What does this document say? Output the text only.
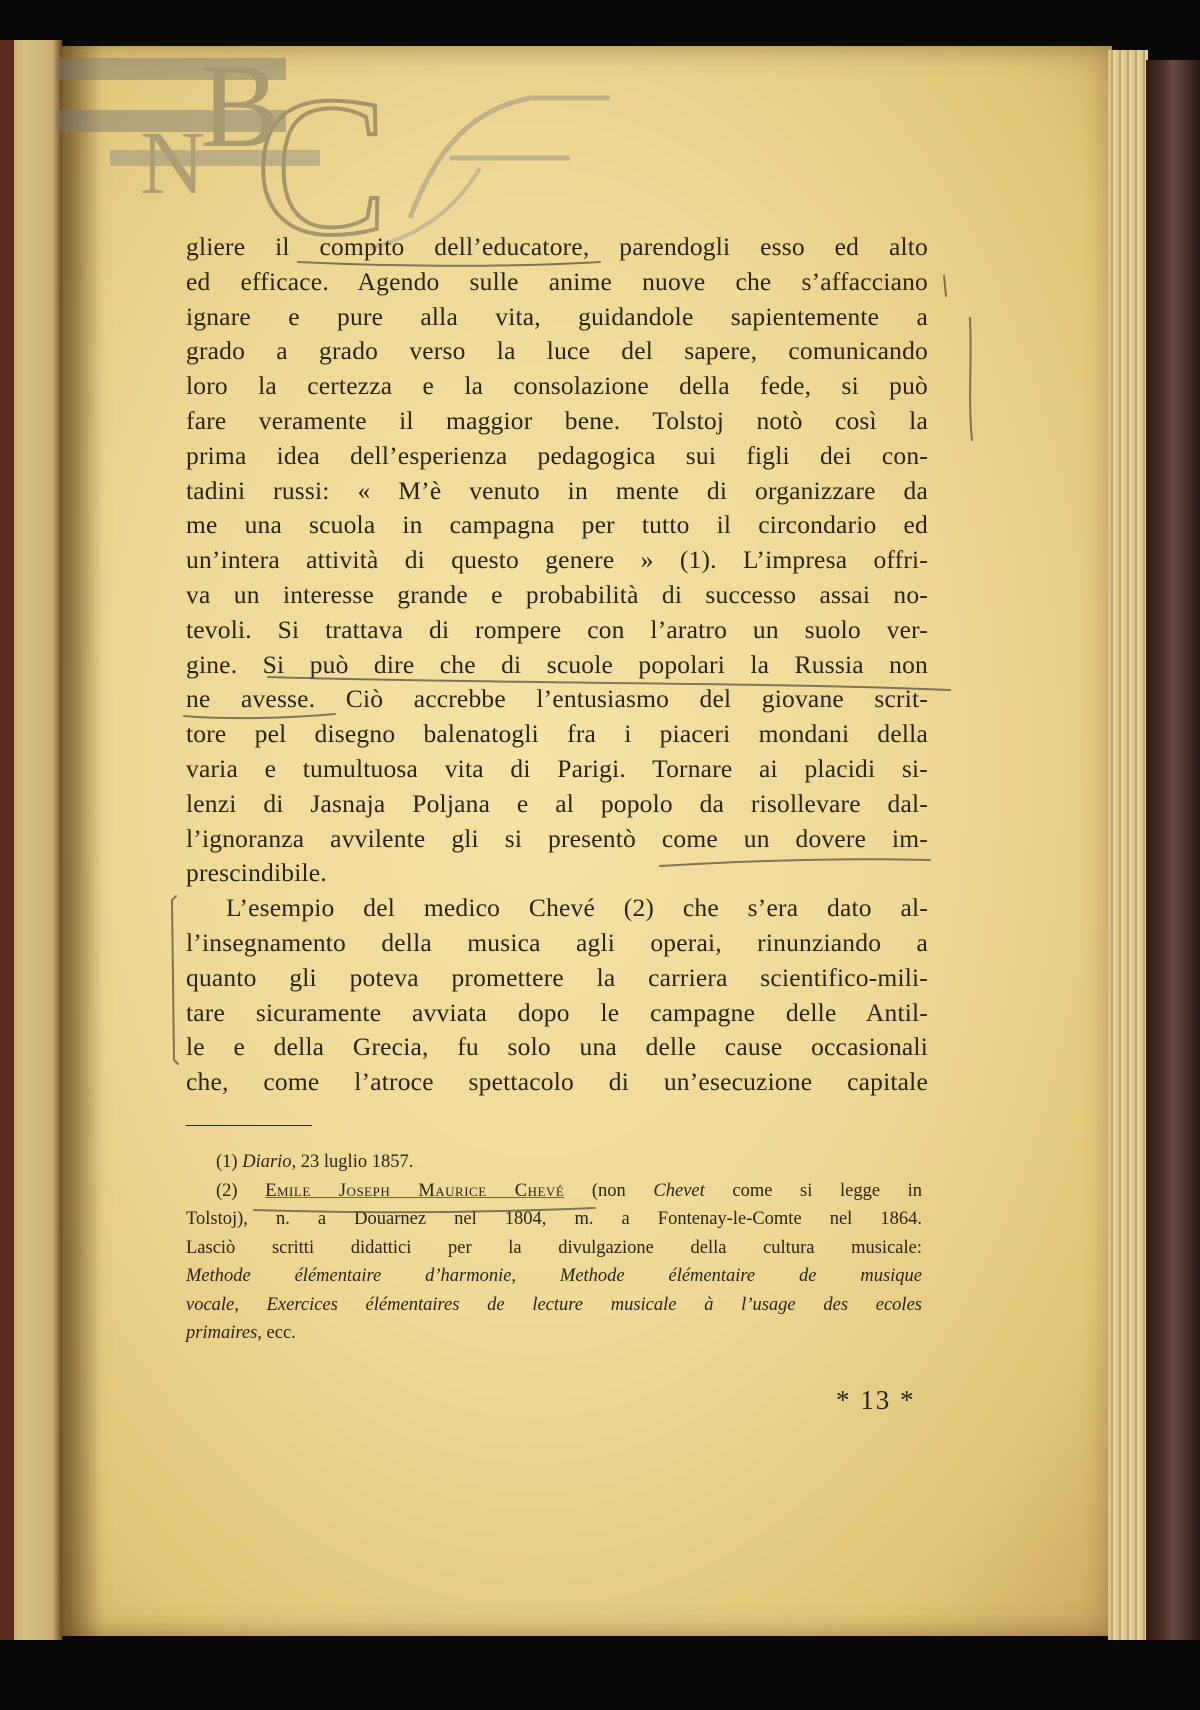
B
N C
gliere il compito dell’educatore, parendogli esso ed alto
ed efficace. Agendo sulle anime nuove che s’affacciano
ignare e pure alla vita, guidandole sapientemente a
grado a grado verso la luce del sapere, comunicando
loro la certezza e la consolazione della fede, si può
fare veramente il maggior bene. Tolstoj notò così la
prima idea dell’esperienza pedagogica sui figli dei con-
tadini russi: « M’è venuto in mente di organizzare da
me una scuola in campagna per tutto il circondario ed
un’intera attività di questo genere » (1). L’impresa offri-
va un interesse grande e probabilità di successo assai no-
tevoli. Si trattava di rompere con l’aratro un suolo ver-
gine. Si può dire che di scuole popolari la Russia non
ne avesse. Ciò accrebbe l’entusiasmo del giovane scrit-
tore pel disegno balenatogli fra i piaceri mondani della
varia e tumultuosa vita di Parigi. Tornare ai placidi si-
lenzi di Jasnaja Poljana e al popolo da risollevare dal-
l’ignoranza avvilente gli si presentò come un dovere im-
prescindibile.
L’esempio del medico Chevé (2) che s’era dato al-
l’insegnamento della musica agli operai, rinunziando a
quanto gli poteva promettere la carriera scientifico-mili-
tare sicuramente avviata dopo le campagne delle Antil-
le e della Grecia, fu solo una delle cause occasionali
che, come l’atroce spettacolo di un’esecuzione capitale
(1) Diario, 23 luglio 1857.
(2) Emile Joseph Maurice Chevé (non Chevet come si legge in
Tolstoj), n. a Douarnez nel 1804, m. a Fontenay-le-Comte nel 1864.
Lasciò scritti didattici per la divulgazione della cultura musicale:
Methode élémentaire d’harmonie, Methode élémentaire de musique
vocale, Exercices élémentaires de lecture musicale à l’usage des ecoles
primaires, ecc.
* 13 *
